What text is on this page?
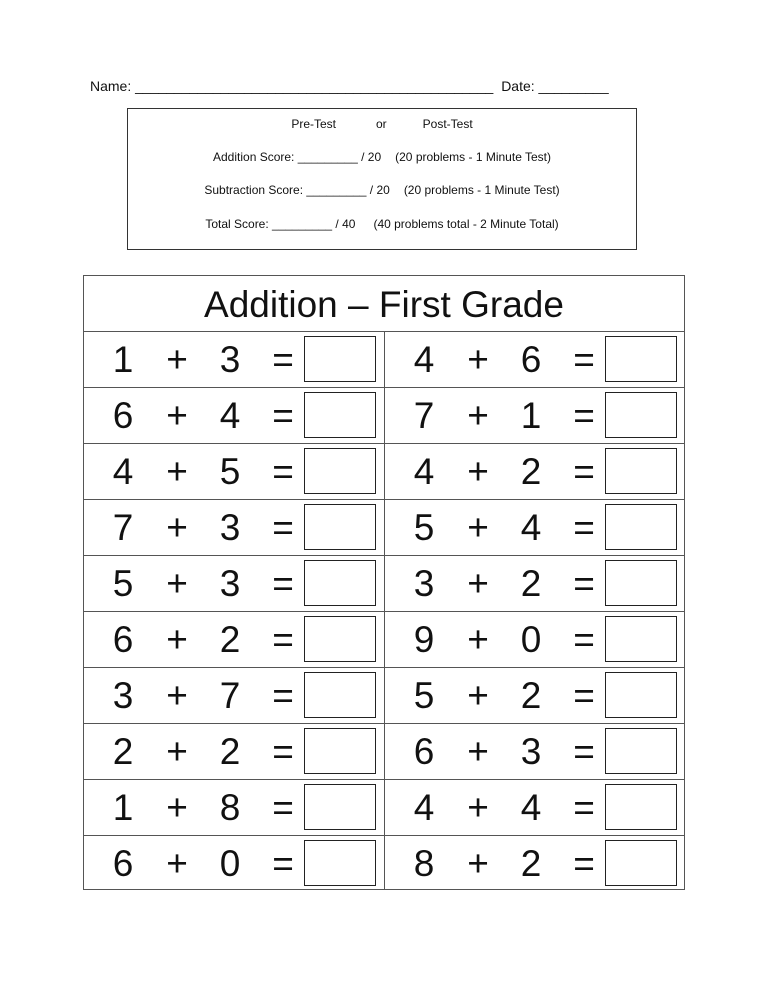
Name: ______________________________________________ Date: _________
Pre-Test	or	Post-Test
Addition Score: _________ / 20 (20 problems - 1 Minute Test)
Subtraction Score: _________ / 20 (20 problems - 1 Minute Test)
Total Score: _________ / 40 (40 problems total - 2 Minute Total)
Addition – First Grade
1 + 3 =	4 + 6 =
6 + 4 =	7 + 1 =
4 + 5 =	4 + 2 =
7 + 3 =	5 + 4 =
5 + 3 =	3 + 2 =
6 + 2 =	9 + 0 =
3 + 7 =	5 + 2 =
2 + 2 =	6 + 3 =
1 + 8 =	4 + 4 =
6 + 0 =	8 + 2 =
